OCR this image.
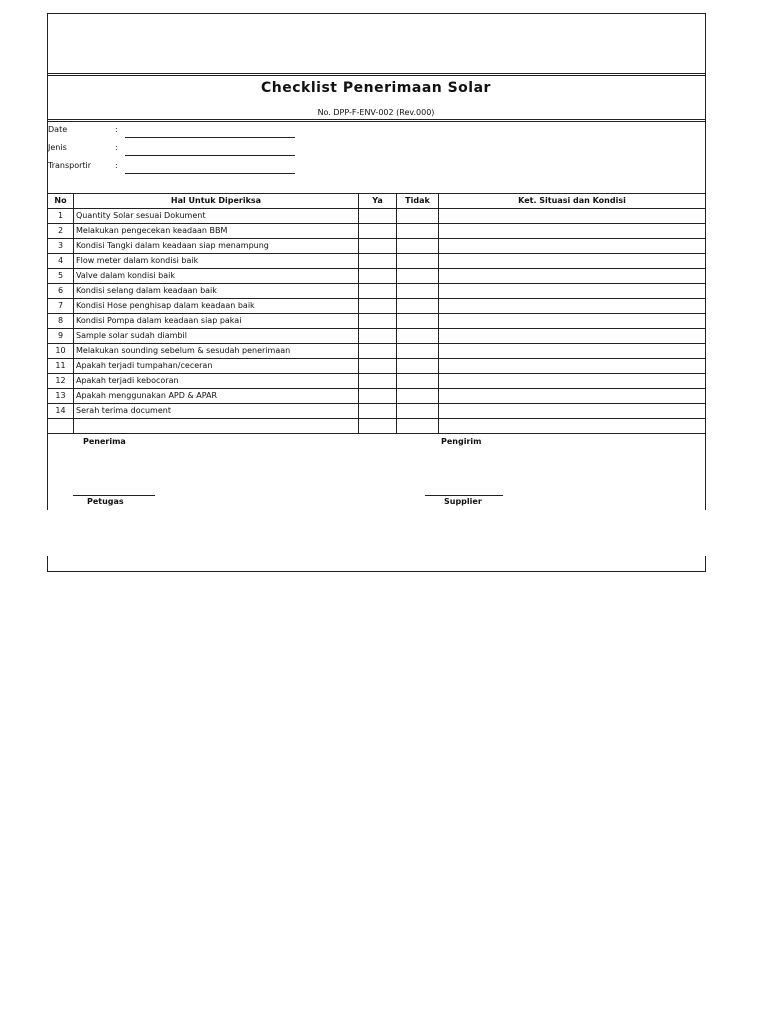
Checklist Penerimaan Solar
No. DPP-F-ENV-002 (Rev.000)
Date	:
Jenis	:
Transportir	:
No	Hal Untuk Diperiksa	Ya	Tidak	Ket. Situasi dan Kondisi
1	Quantity Solar sesuai Dokument			
2	Melakukan pengecekan keadaan BBM			
3	Kondisi Tangki dalam keadaan siap menampung			
4	Flow meter dalam kondisi baik			
5	Valve dalam kondisi baik			
6	Kondisi selang dalam keadaan baik			
7	Kondisi Hose penghisap dalam keadaan baik			
8	Kondisi Pompa dalam keadaan siap pakai			
9	Sample solar sudah diambil			
10	Melakukan sounding sebelum & sesudah penerimaan			
11	Apakah terjadi tumpahan/ceceran			
12	Apakah terjadi kebocoran			
13	Apakah menggunakan APD & APAR			
14	Serah terima document			

Penerima	Pengirim
Petugas	Supplier
